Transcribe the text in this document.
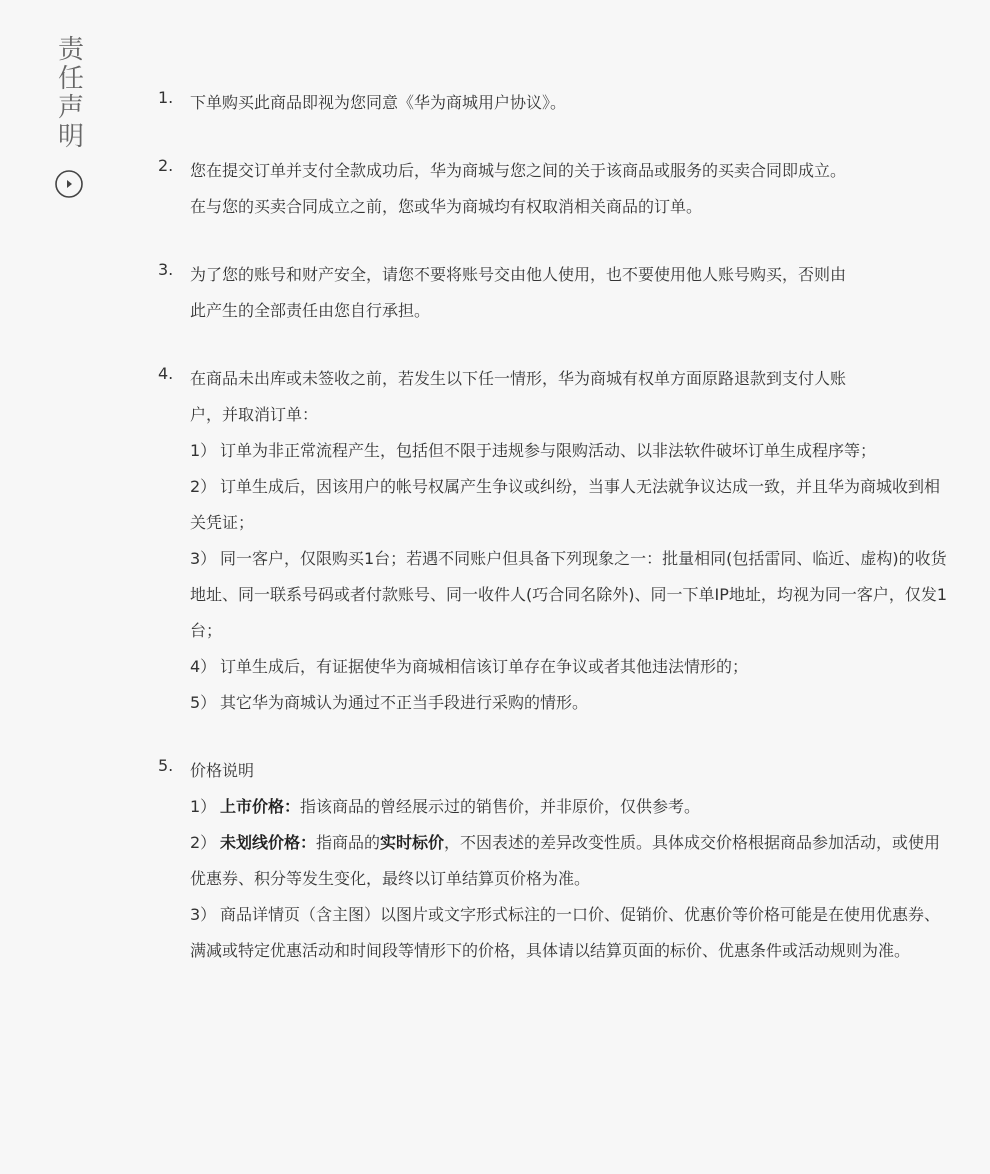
责
任
声
明
1.	下单购买此商品即视为您同意《华为商城用户协议》。
2.	您在提交订单并支付全款成功后，华为商城与您之间的关于该商品或服务的买卖合同即成立。在与您的买卖合同成立之前，您或华为商城均有权取消相关商品的订单。
3.	为了您的账号和财产安全，请您不要将账号交由他人使用，也不要使用他人账号购买，否则由此产生的全部责任由您自行承担。
4.	在商品未出库或未签收之前，若发生以下任一情形，华为商城有权单方面原路退款到支付人账户，并取消订单：
1） 订单为非正常流程产生，包括但不限于违规参与限购活动、以非法软件破坏订单生成程序等；
2） 订单生成后，因该用户的帐号权属产生争议或纠纷，当事人无法就争议达成一致，并且华为商城收到相关凭证；
3） 同一客户，仅限购买1台；若遇不同账户但具备下列现象之一：批量相同(包括雷同、临近、虚构)的收货地址、同一联系号码或者付款账号、同一收件人(巧合同名除外)、同一下单IP地址，均视为同一客户，仅发1台；
4） 订单生成后，有证据使华为商城相信该订单存在争议或者其他违法情形的；
5） 其它华为商城认为通过不正当手段进行采购的情形。
5.	价格说明
1） 上市价格：指该商品的曾经展示过的销售价，并非原价，仅供参考。
2） 未划线价格：指商品的实时标价，不因表述的差异改变性质。具体成交价格根据商品参加活动，或使用优惠券、积分等发生变化，最终以订单结算页价格为准。
3） 商品详情页（含主图）以图片或文字形式标注的一口价、促销价、优惠价等价格可能是在使用优惠券、满减或特定优惠活动和时间段等情形下的价格，具体请以结算页面的标价、优惠条件或活动规则为准。
